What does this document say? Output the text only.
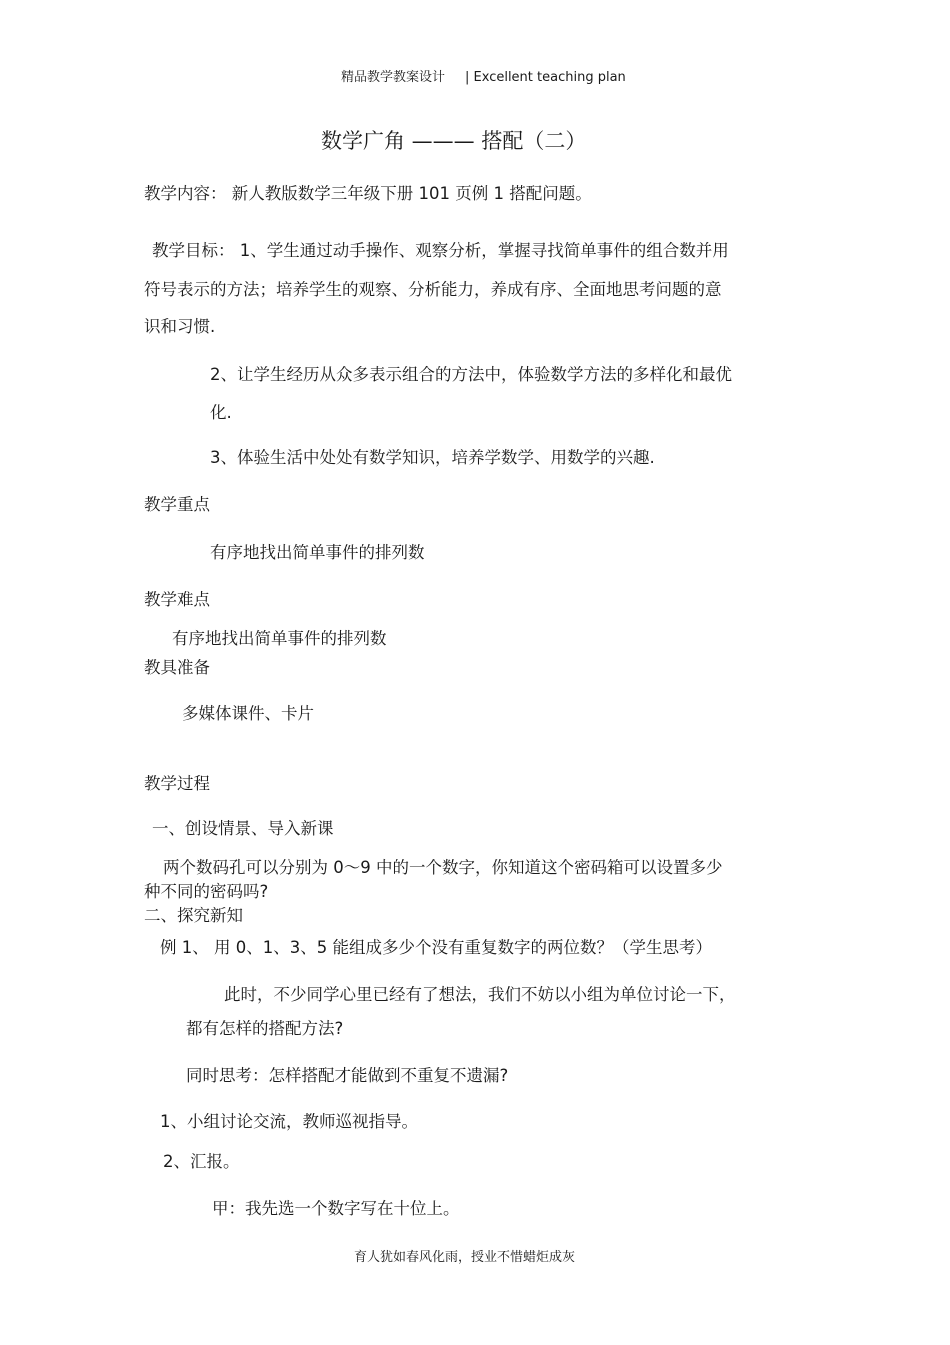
精品教学教案设计 | Excellent teaching plan
数学广角 ——— 搭配（二）
教学内容： 新人教版数学三年级下册 101 页例 1 搭配问题。
教学目标： 1、学生通过动手操作、观察分析，掌握寻找简单事件的组合数并用
符号表示的方法；培养学生的观察、分析能力，养成有序、全面地思考问题的意
识和习惯.
2、让学生经历从众多表示组合的方法中，体验数学方法的多样化和最优
化.
3、体验生活中处处有数学知识，培养学数学、用数学的兴趣.
教学重点
有序地找出简单事件的排列数
教学难点
有序地找出简单事件的排列数
教具准备
多媒体课件、卡片
教学过程
一、创设情景、导入新课
两个数码孔可以分别为 0～9 中的一个数字，你知道这个密码箱可以设置多少
种不同的密码吗?
二、探究新知
例 1、 用 0、1、3、5 能组成多少个没有重复数字的两位数？（学生思考）
此时，不少同学心里已经有了想法，我们不妨以小组为单位讨论一下，
都有怎样的搭配方法?
同时思考：怎样搭配才能做到不重复不遗漏?
1、小组讨论交流，教师巡视指导。
2、汇报。
甲：我先选一个数字写在十位上。
育人犹如春风化雨，授业不惜蜡炬成灰
